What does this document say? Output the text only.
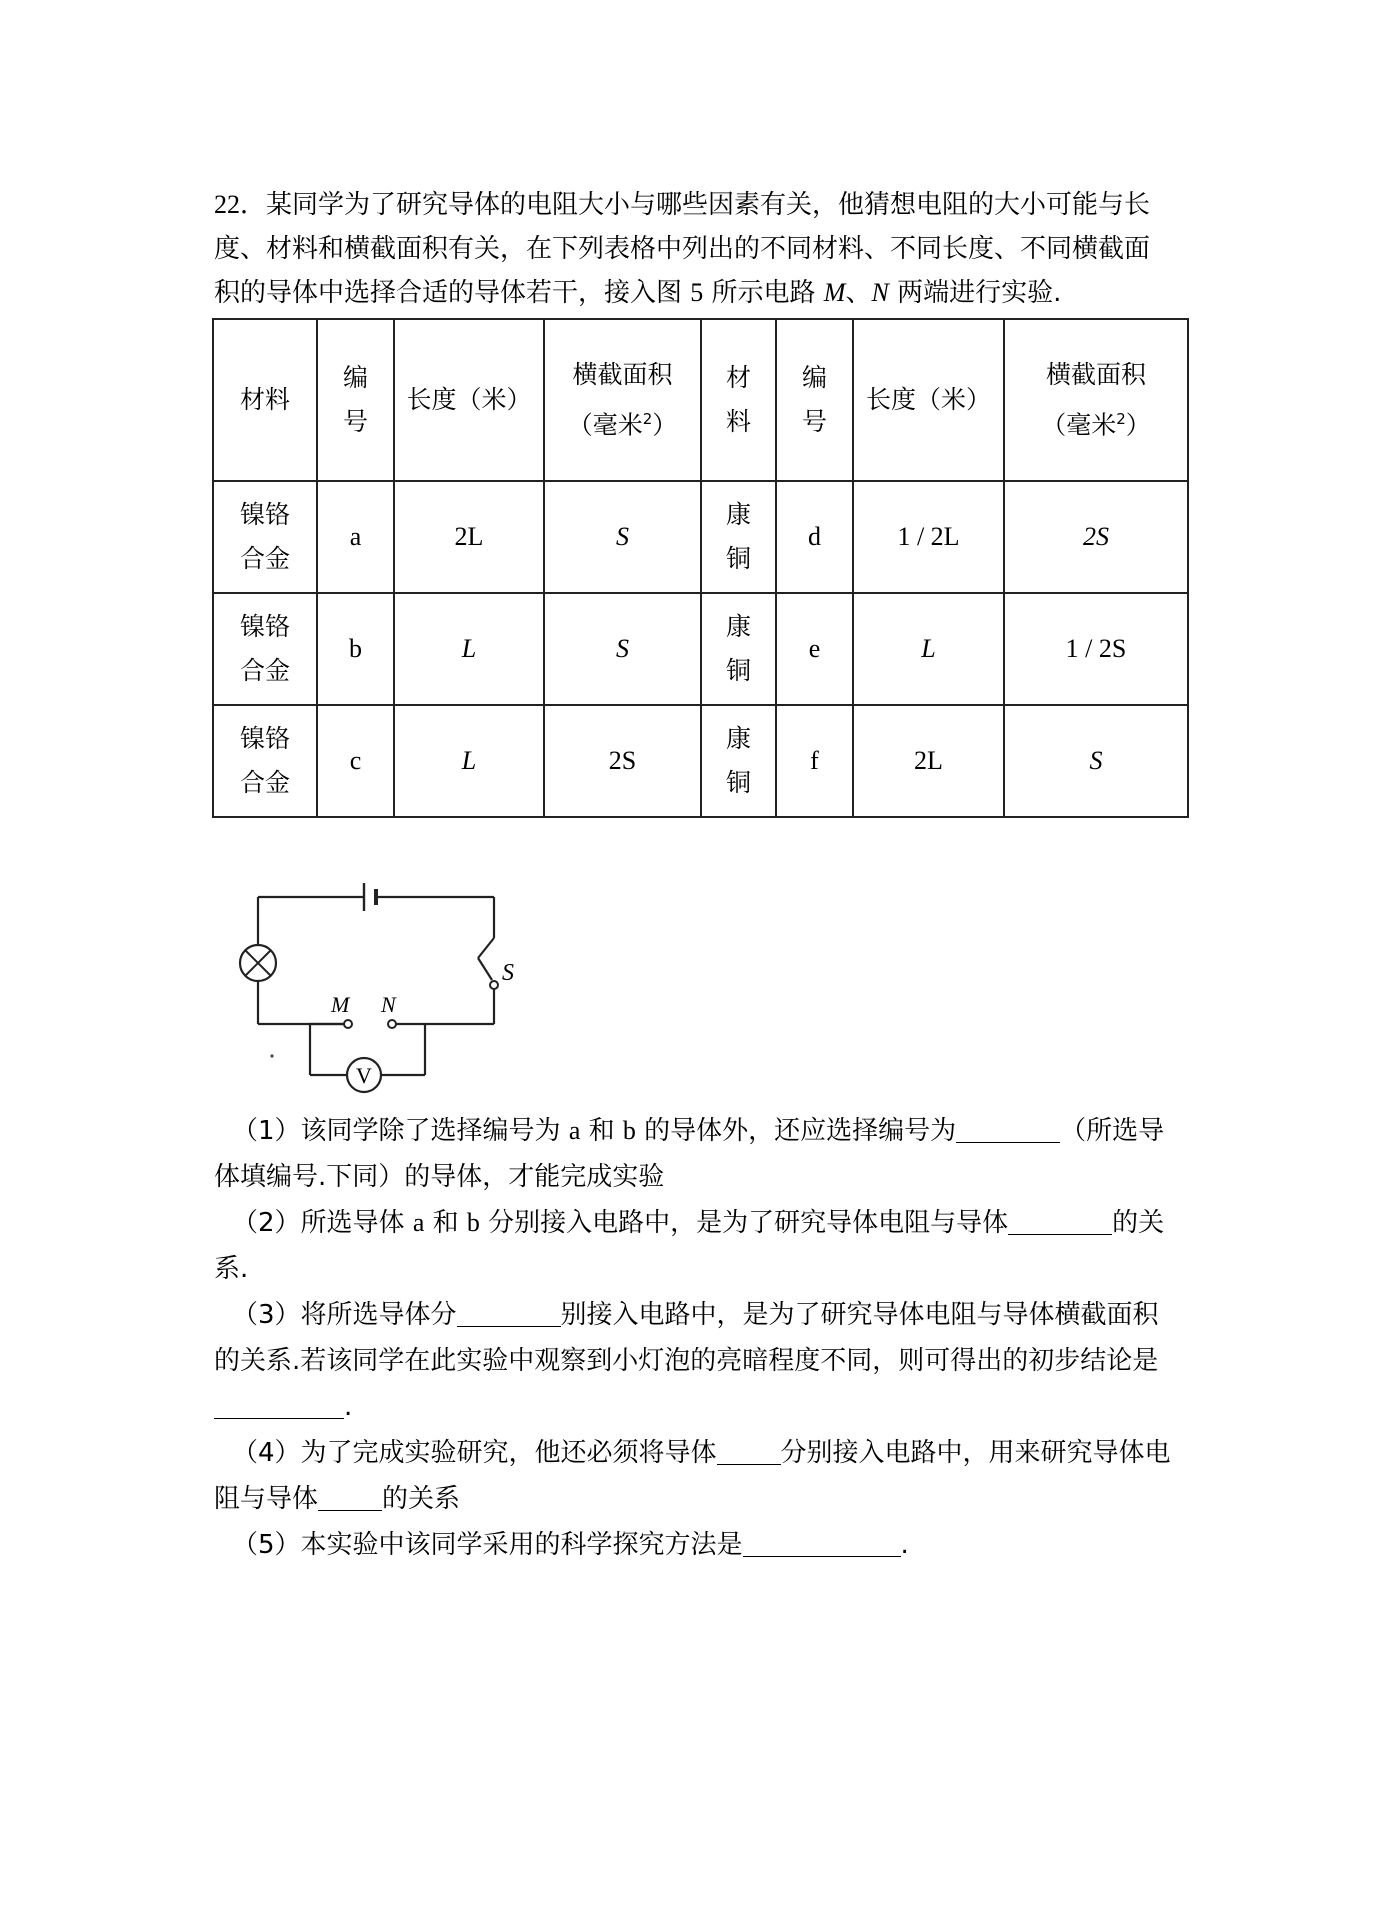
22．某同学为了研究导体的电阻大小与哪些因素有关，他猜想电阻的大小可能与长

度、材料和横截面积有关，在下列表格中列出的不同材料、不同长度、不同横截面

积的导体中选择合适的导体若干，接入图 5 所示电路 M、N 两端进行实验.

材料	编号	长度（米）	横截面积
（毫米$^2$）	材料	编号	长度（米）	横截面积
（毫米$^2$）
镍铬合金	a	2L	S	康铜	d	1 / 2L	2S
镍铬合金	b	L	S	康铜	e	L	1 / 2S
镍铬合金	c	L	2S	康铜	f	2L	S
S
M N
V

（1）该同学除了选择编号为 a 和 b 的导体外，还应选择编号为	（所选导

体填编号.下同）的导体，才能完成实验

（2）所选导体 a 和 b 分别接入电路中，是为了研究导体电阻与导体	的关

系.

（3）将所选导体分	别接入电路中，是为了研究导体电阻与导体横截面积

的关系.若该同学在此实验中观察到小灯泡的亮暗程度不同，则可得出的初步结论是

.

（4）为了完成实验研究，他还必须将导体 分别接入电路中，用来研究导体电

阻与导体 的关系

（5）本实验中该同学采用的科学探究方法是	.
